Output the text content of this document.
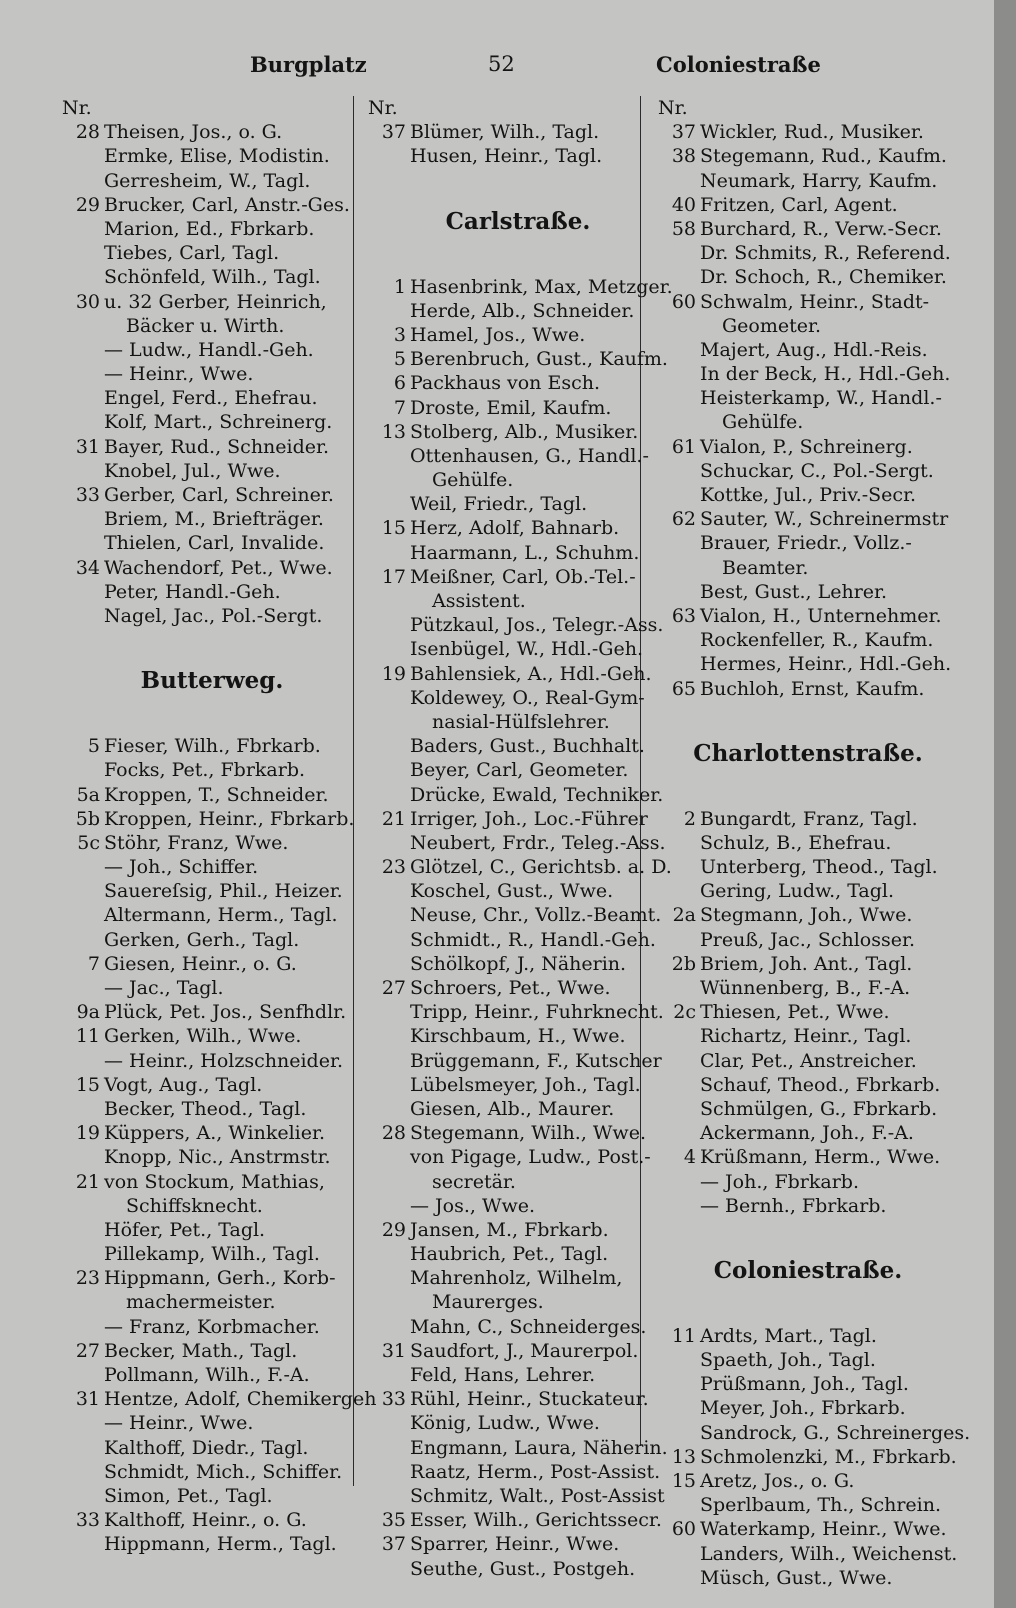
Burgplatz	52	Coloniestraße
Nr.
28 Theisen, Jos., o. G.
Ermke, Elise, Modistin.
Gerresheim, W., Tagl.
29 Brucker, Carl, Anstr.-Ges.
Marion, Ed., Fbrkarb.
Tiebes, Carl, Tagl.
Schönfeld, Wilh., Tagl.
30 u. 32 Gerber, Heinrich,
Bäcker u. Wirth.
— Ludw., Handl.-Geh.
— Heinr., Wwe.
Engel, Ferd., Ehefrau.
Kolf, Mart., Schreinerg.
31 Bayer, Rud., Schneider.
Knobel, Jul., Wwe.
33 Gerber, Carl, Schreiner.
Briem, M., Briefträger.
Thielen, Carl, Invalide.
34 Wachendorf, Pet., Wwe.
Peter, Handl.-Geh.
Nagel, Jac., Pol.-Sergt.
Butterweg.
5 Fieser, Wilh., Fbrkarb.
Focks, Pet., Fbrkarb.
5a Kroppen, T., Schneider.
5b Kroppen, Heinr., Fbrkarb.
5c Stöhr, Franz, Wwe.
— Joh., Schiffer.
Sauereſsig, Phil., Heizer.
Altermann, Herm., Tagl.
Gerken, Gerh., Tagl.
7 Giesen, Heinr., o. G.
— Jac., Tagl.
9a Plück, Pet. Jos., Senfhdlr.
11 Gerken, Wilh., Wwe.
— Heinr., Holzschneider.
15 Vogt, Aug., Tagl.
Becker, Theod., Tagl.
19 Küppers, A., Winkelier.
Knopp, Nic., Anstrmstr.
21 von Stockum, Mathias,
Schiffsknecht.
Höfer, Pet., Tagl.
Pillekamp, Wilh., Tagl.
23 Hippmann, Gerh., Korb-
machermeister.
— Franz, Korbmacher.
27 Becker, Math., Tagl.
Pollmann, Wilh., F.-A.
31 Hentze, Adolf, Chemikergeh
— Heinr., Wwe.
Kalthoff, Diedr., Tagl.
Schmidt, Mich., Schiffer.
Simon, Pet., Tagl.
33 Kalthoff, Heinr., o. G.
Hippmann, Herm., Tagl.
Nr.
37 Blümer, Wilh., Tagl.
Husen, Heinr., Tagl.
Carlstraße.
1 Hasenbrink, Max, Metzger.
Herde, Alb., Schneider.
3 Hamel, Jos., Wwe.
5 Berenbruch, Gust., Kaufm.
6 Packhaus von Esch.
7 Droste, Emil, Kaufm.
13 Stolberg, Alb., Musiker.
Ottenhausen, G., Handl.-
Gehülfe.
Weil, Friedr., Tagl.
15 Herz, Adolf, Bahnarb.
Haarmann, L., Schuhm.
17 Meißner, Carl, Ob.-Tel.-
Assistent.
Pützkaul, Jos., Telegr.-Ass.
Isenbügel, W., Hdl.-Geh.
19 Bahlensiek, A., Hdl.-Geh.
Koldewey, O., Real-Gym-
nasial-Hülfslehrer.
Baders, Gust., Buchhalt.
Beyer, Carl, Geometer.
Drücke, Ewald, Techniker.
21 Irriger, Joh., Loc.-Führer
Neubert, Frdr., Teleg.-Ass.
23 Glötzel, C., Gerichtsb. a. D.
Koschel, Gust., Wwe.
Neuse, Chr., Vollz.-Beamt.
Schmidt., R., Handl.-Geh.
Schölkopf, J., Näherin.
27 Schroers, Pet., Wwe.
Tripp, Heinr., Fuhrknecht.
Kirschbaum, H., Wwe.
Brüggemann, F., Kutscher
Lübelsmeyer, Joh., Tagl.
Giesen, Alb., Maurer.
28 Stegemann, Wilh., Wwe.
von Pigage, Ludw., Post.-
secretär.
— Jos., Wwe.
29 Jansen, M., Fbrkarb.
Haubrich, Pet., Tagl.
Mahrenholz, Wilhelm,
Maurerges.
Mahn, C., Schneiderges.
31 Saudfort, J., Maurerpol.
Feld, Hans, Lehrer.
33 Rühl, Heinr., Stuckateur.
König, Ludw., Wwe.
Engmann, Laura, Näherin.
Raatz, Herm., Post-Assist.
Schmitz, Walt., Post-Assist
35 Esser, Wilh., Gerichtssecr.
37 Sparrer, Heinr., Wwe.
Seuthe, Gust., Postgeh.
Nr.
37 Wickler, Rud., Musiker.
38 Stegemann, Rud., Kaufm.
Neumark, Harry, Kaufm.
40 Fritzen, Carl, Agent.
58 Burchard, R., Verw.-Secr.
Dr. Schmits, R., Referend.
Dr. Schoch, R., Chemiker.
60 Schwalm, Heinr., Stadt-
Geometer.
Majert, Aug., Hdl.-Reis.
In der Beck, H., Hdl.-Geh.
Heisterkamp, W., Handl.-
Gehülfe.
61 Vialon, P., Schreinerg.
Schuckar, C., Pol.-Sergt.
Kottke, Jul., Priv.-Secr.
62 Sauter, W., Schreinermstr
Brauer, Friedr., Vollz.-
Beamter.
Best, Gust., Lehrer.
63 Vialon, H., Unternehmer.
Rockenfeller, R., Kaufm.
Hermes, Heinr., Hdl.-Geh.
65 Buchloh, Ernst, Kaufm.
Charlottenstraße.
2 Bungardt, Franz, Tagl.
Schulz, B., Ehefrau.
Unterberg, Theod., Tagl.
Gering, Ludw., Tagl.
2a Stegmann, Joh., Wwe.
Preuß, Jac., Schlosser.
2b Briem, Joh. Ant., Tagl.
Wünnenberg, B., F.-A.
2c Thiesen, Pet., Wwe.
Richartz, Heinr., Tagl.
Clar, Pet., Anstreicher.
Schauf, Theod., Fbrkarb.
Schmülgen, G., Fbrkarb.
Ackermann, Joh., F.-A.
4 Krüßmann, Herm., Wwe.
— Joh., Fbrkarb.
— Bernh., Fbrkarb.
Coloniestraße.
11 Ardts, Mart., Tagl.
Spaeth, Joh., Tagl.
Prüßmann, Joh., Tagl.
Meyer, Joh., Fbrkarb.
Sandrock, G., Schreinerges.
13 Schmolenzki, M., Fbrkarb.
15 Aretz, Jos., o. G.
Sperlbaum, Th., Schrein.
60 Waterkamp, Heinr., Wwe.
Landers, Wilh., Weichenst.
Müsch, Gust., Wwe.
